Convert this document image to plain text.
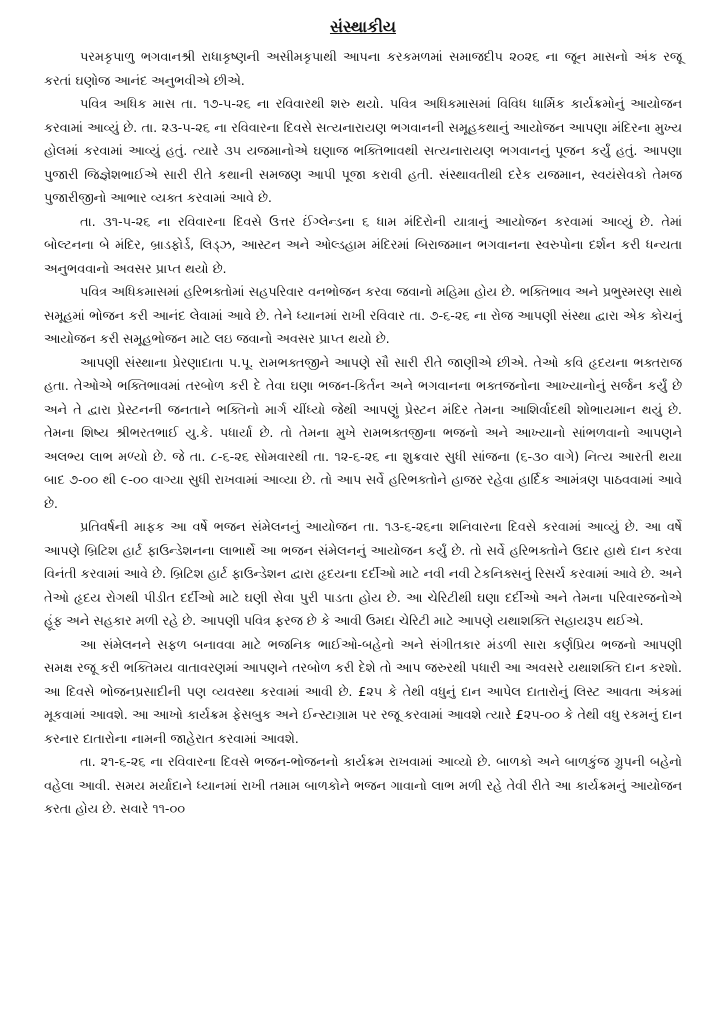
સંસ્થાકીય

પરમકૃપાળુ ભગવાનશ્રી રાધાકૃષ્ણની અસીમકૃપાથી આપના કરકમળમાં સમાજદીપ ૨૦૨૬ ના જૂન માસનો અંક રજૂ કરતાં ઘણોજ આનંદ અનુભવીએ છીએ.

પવિત્ર અધિક માસ તા. ૧૭-૫-૨૬ ના રવિવારથી શરુ થયો. પવિત્ર અધિકમાસમાં વિવિધ ધાર્મિક કાર્યક્રમોનું આયોજન કરવામાં આવ્યું છે. તા. ૨૩-૫-૨૬ ના રવિવારના દિવસે સત્યનારાયણ ભગવાનની સમૂહકથાનું આયોજન આપણા મંદિરના મુખ્ય હોલમાં કરવામાં આવ્યું હતું. ત્યારે ૩૫ યજમાનોએ ઘણાજ ભક્તિભાવથી સત્યનારાયણ ભગવાનનું પૂજન કર્યું હતું. આપણા પુજારી જિજ્ઞેશભાઈએ સારી રીતે કથાની સમજણ આપી પૂજા કરાવી હતી. સંસ્થાવતીથી દરેક યજમાન, સ્વયંસેવકો તેમજ પુજારીજીનો આભાર વ્યક્ત કરવામાં આવે છે.

તા. ૩૧-૫-૨૬ ના રવિવારના દિવસે ઉત્તર ઈંગ્લેન્ડના ૬ ધામ મંદિરોની યાત્રાનું આયોજન કરવામાં આવ્યું છે. તેમાં બોલ્ટનના બે મંદિર, બ્રાડફોર્ડ, લિડ્ઝ, આસ્ટન અને ઓલ્ડહામ મંદિરમાં બિરાજમાન ભગવાનના સ્વરુપોના દર્શન કરી ધન્યતા અનુભવવાનો અવસર પ્રાપ્ત થયો છે.

પવિત્ર અધિકમાસમાં હરિભક્તોમાં સહપરિવાર વનભોજન કરવા જવાનો મહિમા હોય છે. ભક્તિભાવ અને પ્રભુસ્મરણ સાથે સમૂહમાં ભોજન કરી આનંદ લેવામાં આવે છે. તેને ધ્યાનમાં રાખી રવિવાર તા. ૭-૬-૨૬ ના રોજ આપણી સંસ્થા દ્વારા એક કોચનું આયોજન કરી સમૂહભોજન માટે લઇ જવાનો અવસર પ્રાપ્ત થયો છે.

આપણી સંસ્થાના પ્રેરણાદાતા પ.પૂ. રામભક્તજીને આપણે સૌ સારી રીતે જાણીએ છીએ. તેઓ કવિ હૃદયના ભક્તરાજ હતા. તેઓએ ભક્તિભાવમાં તરબોળ કરી દે તેવા ઘણા ભજન-કિર્તન અને ભગવાનના ભક્તજનોના આખ્યાનોનું સર્જન કર્યું છે અને તે દ્વારા પ્રેસ્ટનની જનતાને ભક્તિનો માર્ગ ચીંધ્યો જેથી આપણું પ્રેસ્ટન મંદિર તેમના આશિર્વાદથી શોભાયમાન થયું છે. તેમના શિષ્ય શ્રીભરતભાઈ યુ.કે. પધાર્યા છે. તો તેમના મુખે રામભક્તજીના ભજનો અને આખ્યાનો સાંભળવાનો આપણને અલભ્ય લાભ મળ્યો છે. જે તા. ૮-૬-૨૬ સોમવારથી તા. ૧૨-૬-૨૬ ના શુક્રવાર સુધી સાંજના (૬-૩૦ વાગે) નિત્ય આરતી થયા બાદ ૭-૦૦ થી ૯-૦૦ વાગ્યા સુધી રાખવામાં આવ્યા છે. તો આપ સર્વે હરિભક્તોને હાજર રહેવા હાર્દિક આમંત્રણ પાઠવવામાં આવે છે.

પ્રતિવર્ષની માફક આ વર્ષે ભજન સંમેલનનું આયોજન તા. ૧૩-૬-૨૬ના શનિવારના દિવસે કરવામાં આવ્યું છે. આ વર્ષે આપણે બ્રિટિશ હાર્ટ ફાઉન્ડેશનના લાભાર્થે આ ભજન સંમેલનનું આયોજન કર્યું છે. તો સર્વે હરિભક્તોને ઉદાર હાથે દાન કરવા વિનંતી કરવામાં આવે છે. બ્રિટિશ હાર્ટ ફાઉન્ડેશન દ્વારા હૃદયના દર્દીઓ માટે નવી નવી ટેકનિક્સનું રિસર્ચ કરવામાં આવે છે. અને તેઓ હૃદય રોગથી પીડીત દર્દીઓ માટે ઘણી સેવા પુરી પાડતા હોય છે. આ ચેરિટીથી ઘણા દર્દીઓ અને તેમના પરિવારજનોએ હૂંફ અને સહકાર મળી રહે છે. આપણી પવિત્ર ફરજ છે કે આવી ઉમદા ચેરિટી માટે આપણે યથાશક્તિ સહાયરૂપ થઈએ.

આ સંમેલનને સફળ બનાવવા માટે ભજનિક ભાઈઓ-બહેનો અને સંગીતકાર મંડળી સારા કર્ણપ્રિય ભજનો આપણી સમક્ષ રજૂ કરી ભક્તિમય વાતાવરણમાં આપણને તરબોળ કરી દેશે તો આપ જરુરથી પધારી આ અવસરે યથાશક્તિ દાન કરશો. આ દિવસે ભોજનપ્રસાદીની પણ વ્યવસ્થા કરવામાં આવી છે. £૨૫ કે તેથી વધુનું દાન આપેલ દાતારોનું લિસ્ટ આવતા અંકમાં મૂકવામાં આવશે. આ આખો કાર્યક્રમ ફેસબુક અને ઈન્સ્ટાગ્રામ પર રજૂ કરવામાં આવશે ત્યારે £૨૫-૦૦ કે તેથી વધુ રકમનું દાન કરનાર દાતારોના નામની જાહેરાત કરવામાં આવશે.

તા. ૨૧-૬-૨૬ ના રવિવારના દિવસે ભજન-ભોજનનો કાર્યક્રમ રાખવામાં આવ્યો છે. બાળકો અને બાળકુંજ ગ્રુપની બહેનો વહેલા આવી. સમય મર્યાદાને ધ્યાનમાં રાખી તમામ બાળકોને ભજન ગાવાનો લાભ મળી રહે તેવી રીતે આ કાર્યક્રમનું આયોજન કરતા હોય છે. સવારે ૧૧-૦૦
